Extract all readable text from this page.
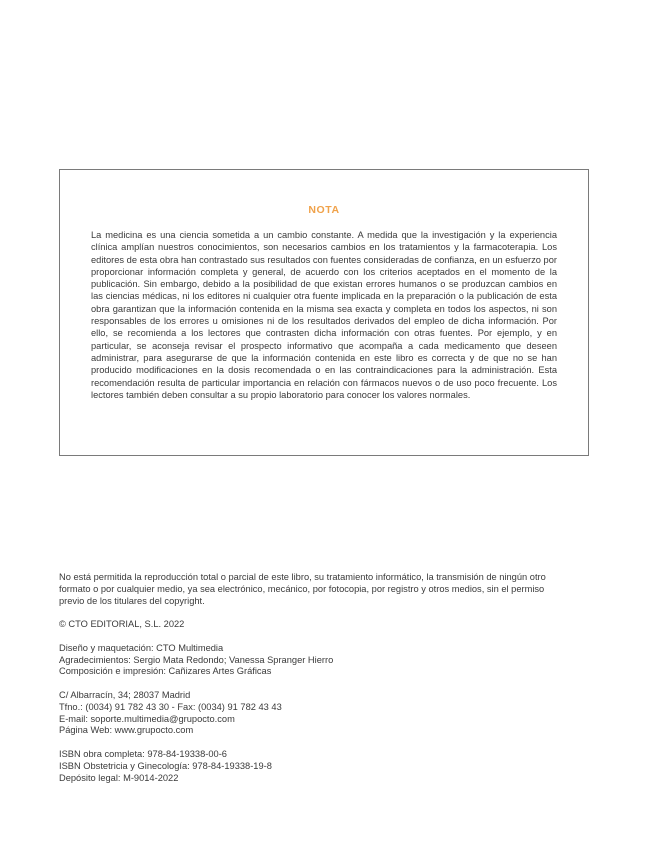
NOTA
La medicina es una ciencia sometida a un cambio constante. A medida que la investigación y la experiencia clínica amplían nuestros conocimientos, son necesarios cambios en los tratamientos y la farmacoterapia. Los editores de esta obra han contrastado sus resultados con fuentes consideradas de confianza, en un esfuerzo por proporcionar información completa y general, de acuerdo con los criterios aceptados en el momento de la publicación. Sin embargo, debido a la posibilidad de que existan errores humanos o se produzcan cambios en las ciencias médicas, ni los editores ni cualquier otra fuente implicada en la preparación o la publicación de esta obra garantizan que la información contenida en la misma sea exacta y completa en todos los aspectos, ni son responsables de los errores u omisiones ni de los resultados derivados del empleo de dicha información. Por ello, se recomienda a los lectores que contrasten dicha información con otras fuentes. Por ejemplo, y en particular, se aconseja revisar el prospecto informativo que acompaña a cada medicamento que deseen administrar, para asegurarse de que la información contenida en este libro es correcta y de que no se han producido modificaciones en la dosis recomendada o en las contraindicaciones para la administración. Esta recomendación resulta de particular importancia en relación con fármacos nuevos o de uso poco frecuente. Los lectores también deben consultar a su propio laboratorio para conocer los valores normales.

No está permitida la reproducción total o parcial de este libro, su tratamiento informático, la transmisión de ningún otro formato o por cualquier medio, ya sea electrónico, mecánico, por fotocopia, por registro y otros medios, sin el permiso previo de los titulares del copyright.

© CTO EDITORIAL, S.L. 2022

Diseño y maquetación: CTO Multimedia

Agradecimientos: Sergio Mata Redondo; Vanessa Spranger Hierro

Composición e impresión: Cañizares Artes Gráficas

C/ Albarracín, 34; 28037 Madrid

Tfno.: (0034) 91 782 43 30 - Fax: (0034) 91 782 43 43

E-mail: soporte.multimedia@grupocto.com

Página Web: www.grupocto.com

ISBN obra completa: 978-84-19338-00-6

ISBN Obstetricia y Ginecología: 978-84-19338-19-8

Depósito legal: M-9014-2022
